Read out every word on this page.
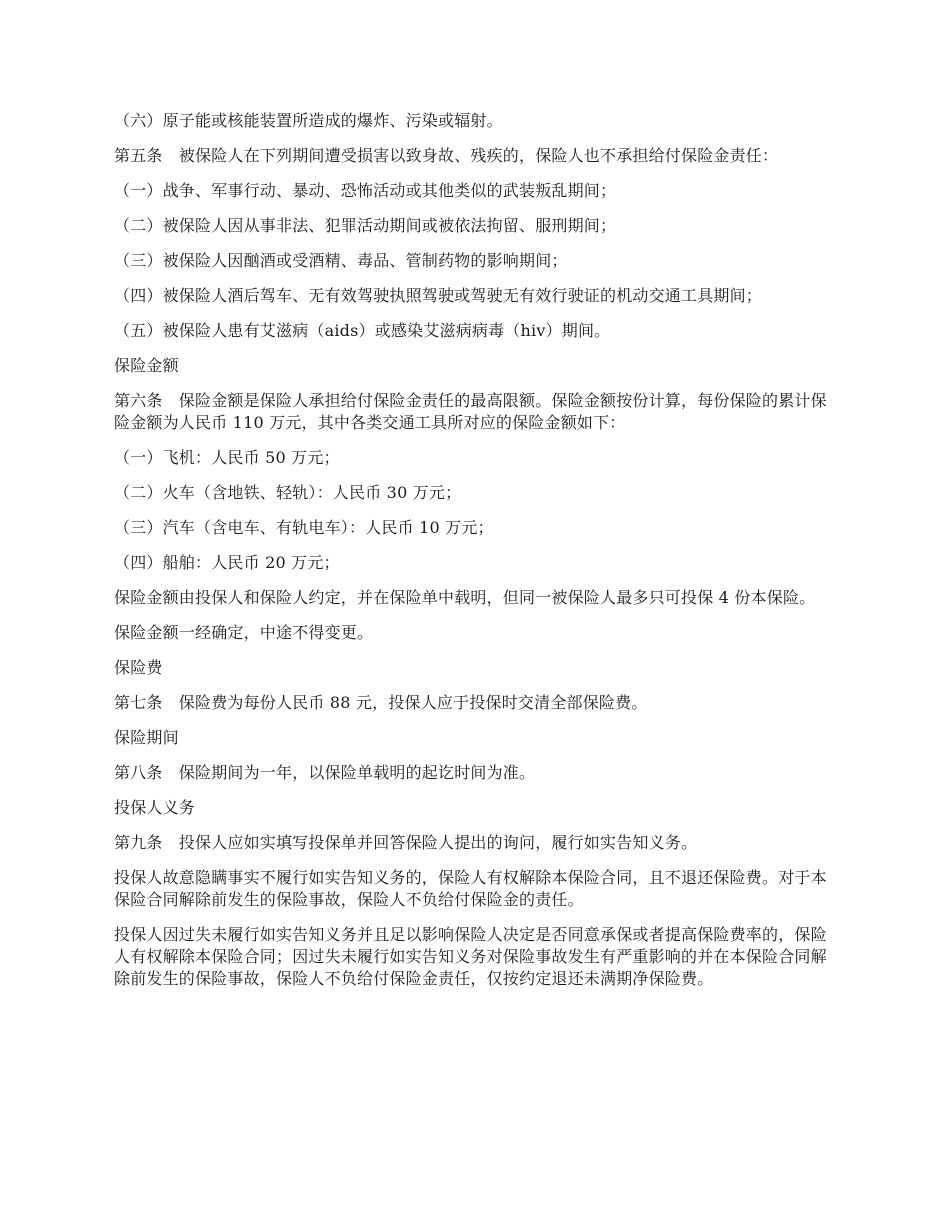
（六）原子能或核能装置所造成的爆炸、污染或辐射。

第五条　被保险人在下列期间遭受损害以致身故、残疾的，保险人也不承担给付保险金责任：

（一）战争、军事行动、暴动、恐怖活动或其他类似的武装叛乱期间；

（二）被保险人因从事非法、犯罪活动期间或被依法拘留、服刑期间；

（三）被保险人因酗酒或受酒精、毒品、管制药物的影响期间；

（四）被保险人酒后驾车、无有效驾驶执照驾驶或驾驶无有效行驶证的机动交通工具期间；

（五）被保险人患有艾滋病（aids）或感染艾滋病病毒（hiv）期间。

保险金额

第六条　保险金额是保险人承担给付保险金责任的最高限额。保险金额按份计算，每份保险的累计保险金额为人民币 110 万元，其中各类交通工具所对应的保险金额如下：

（一）飞机：人民币 50 万元；

（二）火车（含地铁、轻轨）：人民币 30 万元；

（三）汽车（含电车、有轨电车）：人民币 10 万元；

（四）船舶：人民币 20 万元；

保险金额由投保人和保险人约定，并在保险单中载明，但同一被保险人最多只可投保 4 份本保险。

保险金额一经确定，中途不得变更。

保险费

第七条　保险费为每份人民币 88 元，投保人应于投保时交清全部保险费。

保险期间

第八条　保险期间为一年，以保险单载明的起讫时间为准。

投保人义务

第九条　投保人应如实填写投保单并回答保险人提出的询问，履行如实告知义务。

投保人故意隐瞒事实不履行如实告知义务的，保险人有权解除本保险合同，且不退还保险费。对于本保险合同解除前发生的保险事故，保险人不负给付保险金的责任。

投保人因过失未履行如实告知义务并且足以影响保险人决定是否同意承保或者提高保险费率的，保险人有权解除本保险合同；因过失未履行如实告知义务对保险事故发生有严重影响的并在本保险合同解除前发生的保险事故，保险人不负给付保险金责任，仅按约定退还未满期净保险费。
